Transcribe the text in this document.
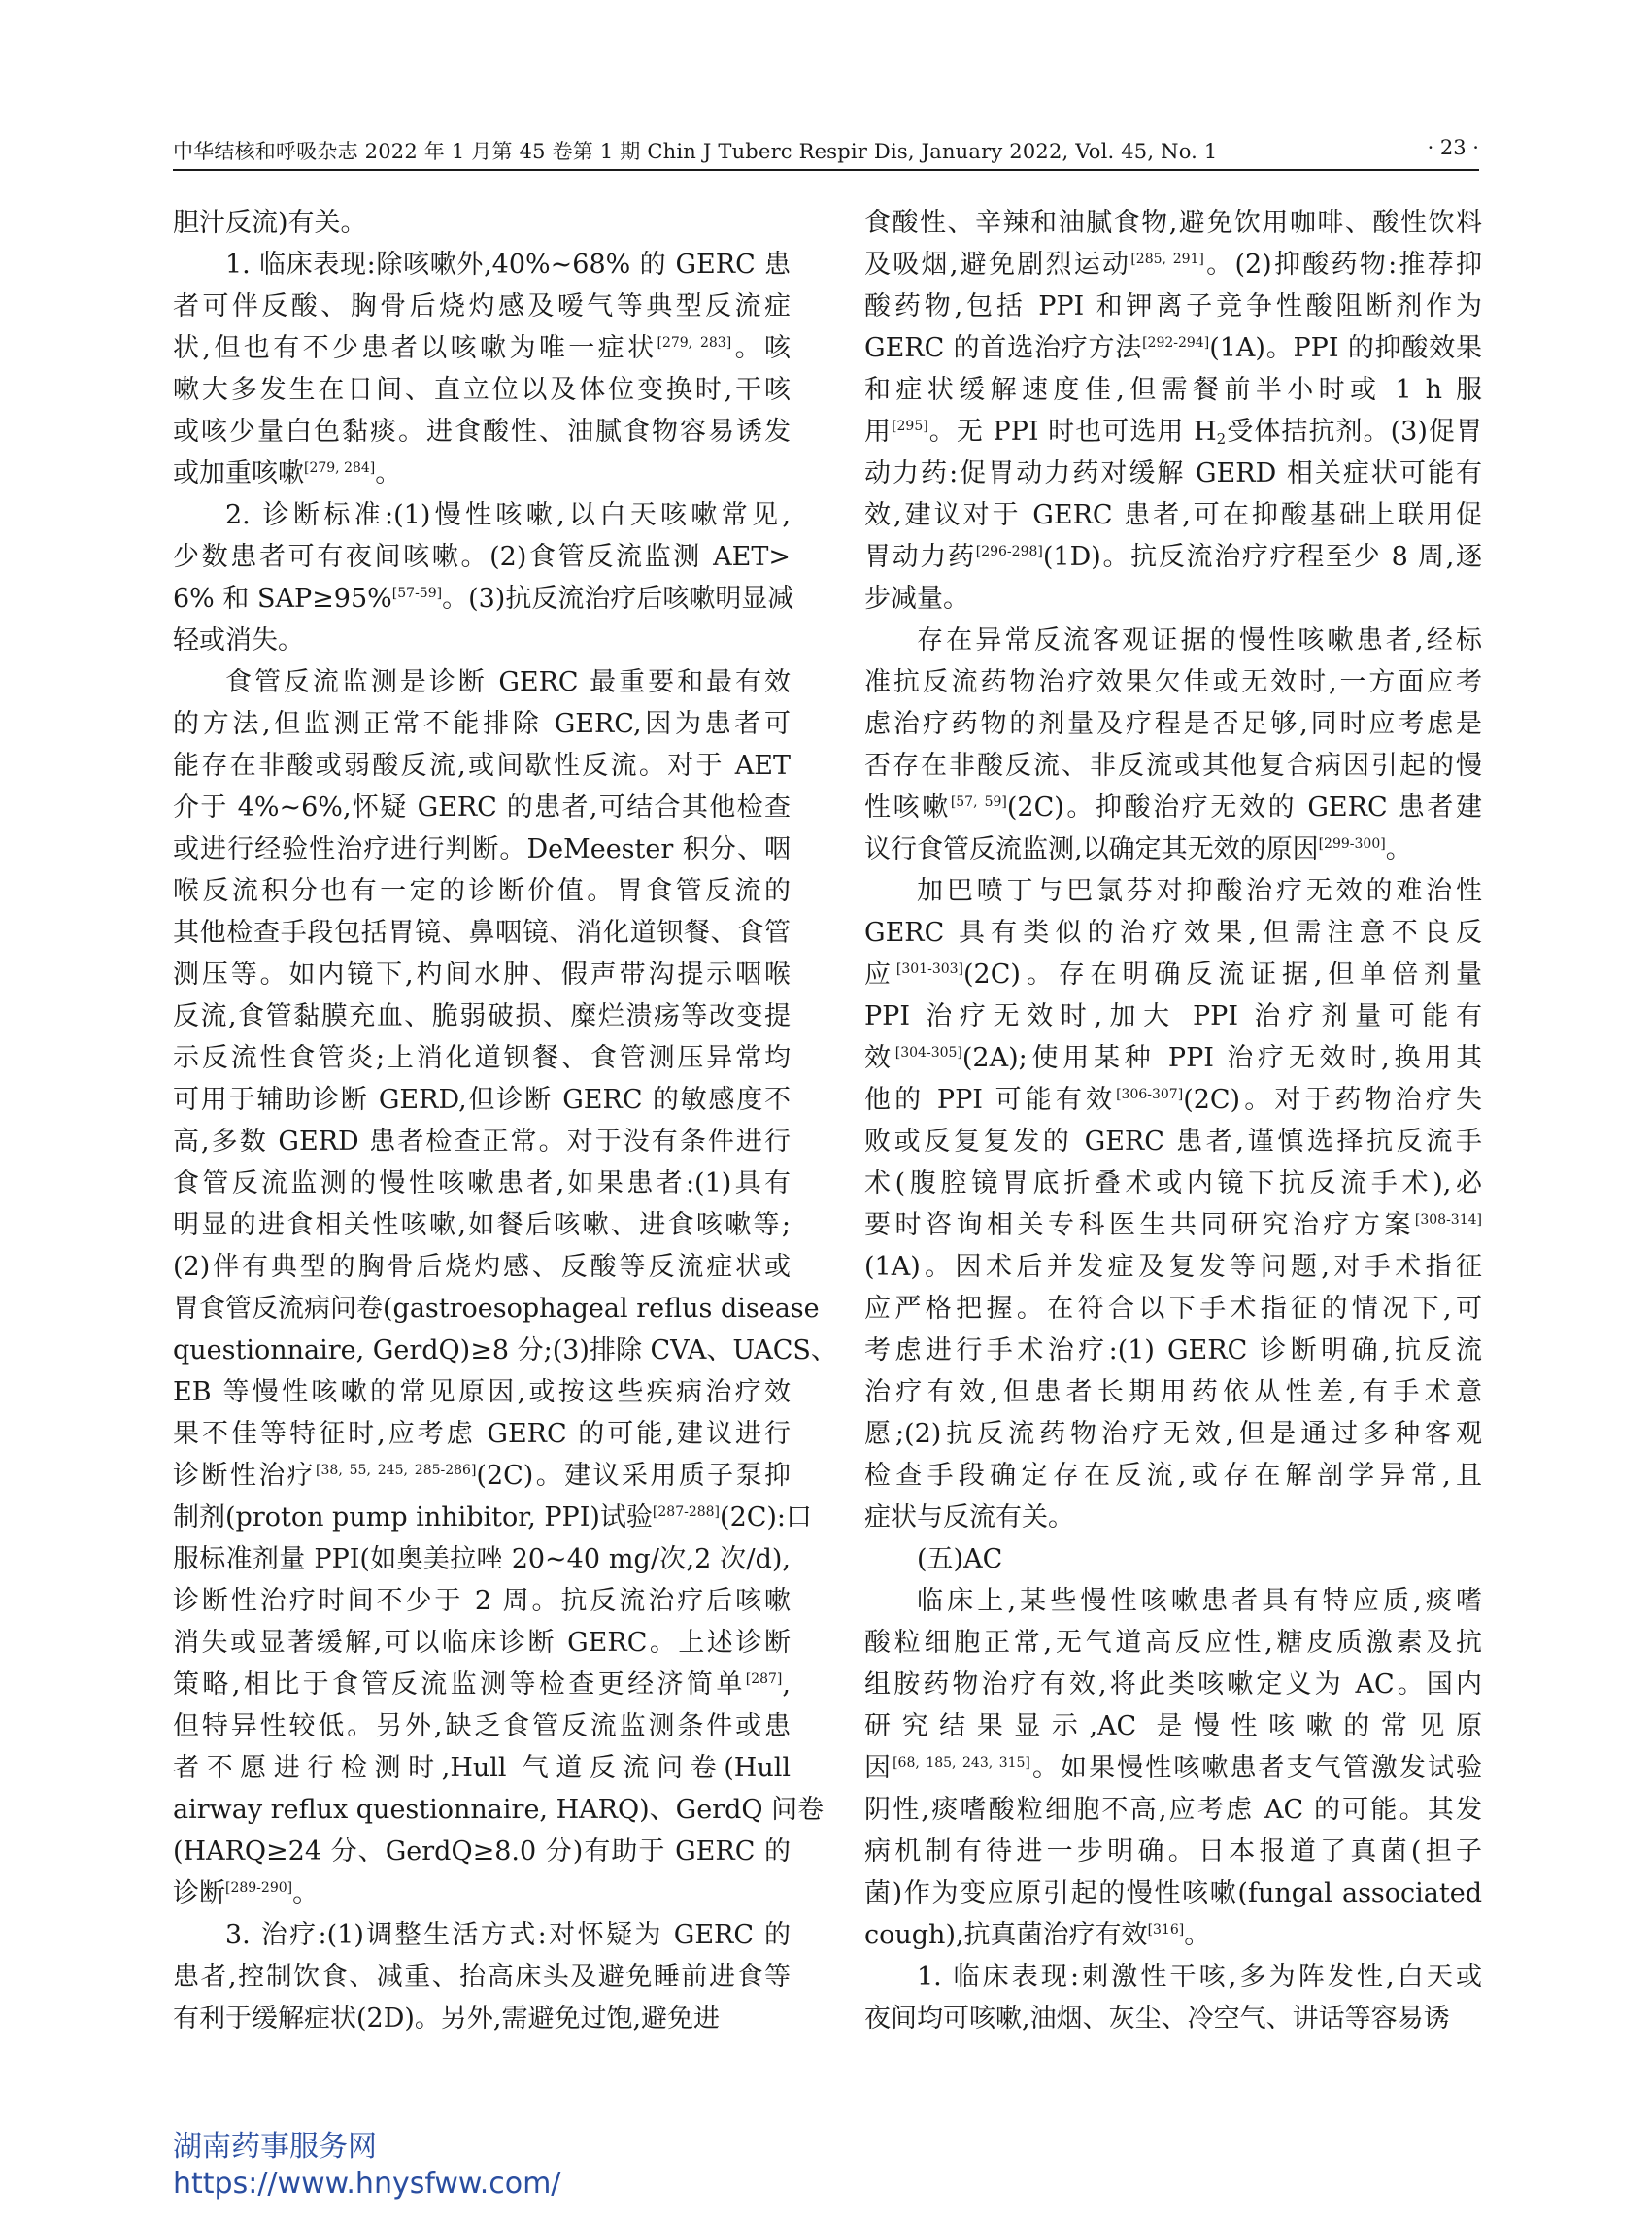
中华结核和呼吸杂志 2022 年 1 月第 45 卷第 1 期 Chin J Tuberc Respir Dis, January 2022, Vol. 45, No. 1	· 23 ·

胆汁反流)有关。

1. 临床表现:除咳嗽外,40%~68% 的 GERC 患

者可伴反酸、胸骨后烧灼感及嗳气等典型反流症

状,但也有不少患者以咳嗽为唯一症状[279, 283]。咳

嗽大多发生在日间、直立位以及体位变换时,干咳

或咳少量白色黏痰。进食酸性、油腻食物容易诱发

或加重咳嗽[279, 284]。

2. 诊断标准:(1)慢性咳嗽,以白天咳嗽常见,

少数患者可有夜间咳嗽。(2)食管反流监测 AET>

6% 和 SAP≥95%[57-59]。(3)抗反流治疗后咳嗽明显减

轻或消失。

食管反流监测是诊断 GERC 最重要和最有效

的方法,但监测正常不能排除 GERC,因为患者可

能存在非酸或弱酸反流,或间歇性反流。对于 AET

介于 4%~6%,怀疑 GERC 的患者,可结合其他检查

或进行经验性治疗进行判断。DeMeester 积分、咽

喉反流积分也有一定的诊断价值。胃食管反流的

其他检查手段包括胃镜、鼻咽镜、消化道钡餐、食管

测压等。如内镜下,杓间水肿、假声带沟提示咽喉

反流,食管黏膜充血、脆弱破损、糜烂溃疡等改变提

示反流性食管炎;上消化道钡餐、食管测压异常均

可用于辅助诊断 GERD,但诊断 GERC 的敏感度不

高,多数 GERD 患者检查正常。对于没有条件进行

食管反流监测的慢性咳嗽患者,如果患者:(1)具有

明显的进食相关性咳嗽,如餐后咳嗽、进食咳嗽等;

(2)伴有典型的胸骨后烧灼感、反酸等反流症状或

胃食管反流病问卷(gastroesophageal reflus disease

questionnaire, GerdQ)≥8 分;(3)排除 CVA、UACS、

EB 等慢性咳嗽的常见原因,或按这些疾病治疗效

果不佳等特征时,应考虑 GERC 的可能,建议进行

诊断性治疗[38, 55, 245, 285-286](2C)。建议采用质子泵抑

制剂(proton pump inhibitor, PPI)试验[287-288](2C):口

服标准剂量 PPI(如奥美拉唑 20~40 mg/次,2 次/d),

诊断性治疗时间不少于 2 周。抗反流治疗后咳嗽

消失或显著缓解,可以临床诊断 GERC。上述诊断

策略,相比于食管反流监测等检查更经济简单[287],

但特异性较低。另外,缺乏食管反流监测条件或患

者不愿进行检测时,Hull 气道反流问卷(Hull

airway reflux questionnaire, HARQ)、GerdQ 问卷

(HARQ≥24 分、GerdQ≥8.0 分)有助于 GERC 的

诊断[289-290]。

3. 治疗:(1)调整生活方式:对怀疑为 GERC 的

患者,控制饮食、减重、抬高床头及避免睡前进食等

有利于缓解症状(2D)。另外,需避免过饱,避免进

食酸性、辛辣和油腻食物,避免饮用咖啡、酸性饮料

及吸烟,避免剧烈运动[285, 291]。(2)抑酸药物:推荐抑

酸药物,包括 PPI 和钾离子竞争性酸阻断剂作为

GERC 的首选治疗方法[292-294](1A)。PPI 的抑酸效果

和症状缓解速度佳,但需餐前半小时或 1 h 服

用[295]。无 PPI 时也可选用 $H_2$受体拮抗剂。(3)促胃

动力药:促胃动力药对缓解 GERD 相关症状可能有

效,建议对于 GERC 患者,可在抑酸基础上联用促

胃动力药[296-298](1D)。抗反流治疗疗程至少 8 周,逐

步减量。

存在异常反流客观证据的慢性咳嗽患者,经标

准抗反流药物治疗效果欠佳或无效时,一方面应考

虑治疗药物的剂量及疗程是否足够,同时应考虑是

否存在非酸反流、非反流或其他复合病因引起的慢

性咳嗽[57, 59](2C)。抑酸治疗无效的 GERC 患者建

议行食管反流监测,以确定其无效的原因[299-300]。

加巴喷丁与巴氯芬对抑酸治疗无效的难治性

GERC 具有类似的治疗效果,但需注意不良反

应[301-303](2C)。存在明确反流证据,但单倍剂量

PPI 治疗无效时,加大 PPI 治疗剂量可能有

效[304-305](2A);使用某种 PPI 治疗无效时,换用其

他的 PPI 可能有效[306-307](2C)。对于药物治疗失

败或反复复发的 GERC 患者,谨慎选择抗反流手

术(腹腔镜胃底折叠术或内镜下抗反流手术),必

要时咨询相关专科医生共同研究治疗方案[308-314]

(1A)。因术后并发症及复发等问题,对手术指征

应严格把握。在符合以下手术指征的情况下,可

考虑进行手术治疗:(1) GERC 诊断明确,抗反流

治疗有效,但患者长期用药依从性差,有手术意

愿;(2)抗反流药物治疗无效,但是通过多种客观

检查手段确定存在反流,或存在解剖学异常,且

症状与反流有关。

(五)AC

临床上,某些慢性咳嗽患者具有特应质,痰嗜

酸粒细胞正常,无气道高反应性,糖皮质激素及抗

组胺药物治疗有效,将此类咳嗽定义为 AC。国内

研究结果显示,AC 是慢性咳嗽的常见原

因[68, 185, 243, 315]。如果慢性咳嗽患者支气管激发试验

阴性,痰嗜酸粒细胞不高,应考虑 AC 的可能。其发

病机制有待进一步明确。日本报道了真菌(担子

菌)作为变应原引起的慢性咳嗽(fungal associated

cough),抗真菌治疗有效[316]。

1. 临床表现:刺激性干咳,多为阵发性,白天或

夜间均可咳嗽,油烟、灰尘、冷空气、讲话等容易诱

湖南药事服务网
https://www.hnysfww.com/
